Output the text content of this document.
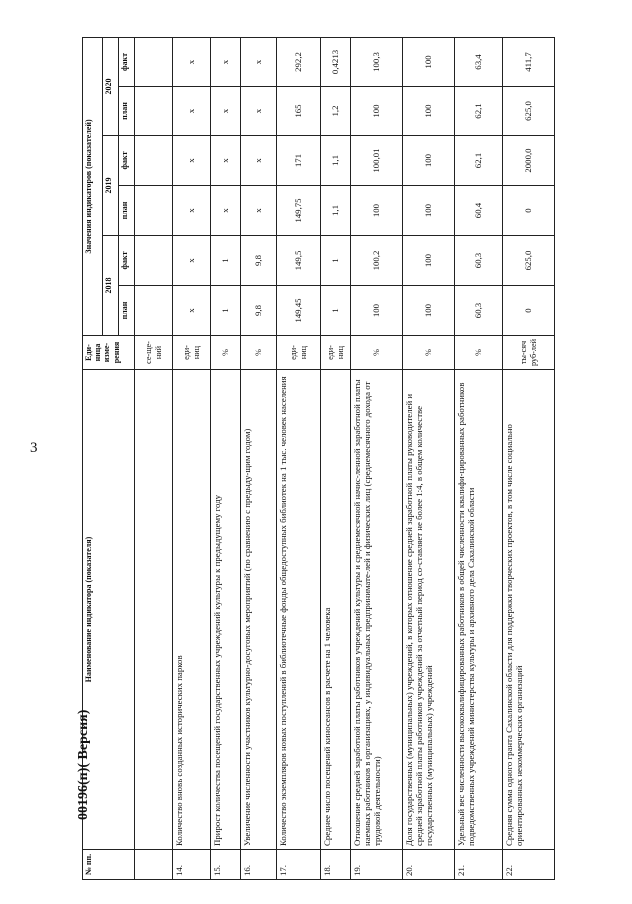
3
№ пп.	Наименование индикатора (показателя)	Еди-ница изме-рения	Значения индикаторов (показателей)					
			2018		2019		2020	
			план	факт	план	факт	план	факт
		се-ще-ний						
14.	Количество вновь созданных исторических парков	еди-ниц	x	x	x	x	x	x
15.	Прирост количества посещений государственных учреждений культуры к предыдущему году	%	1	1	x	x	x	x
16.	Увеличение численности участников культурно-досуговых мероприятий (по сравнению с предыду-щим годом)	%	9,8	9,8	x	x	x	x
17.	Количество экземпляров новых поступлений в библиотечные фонды общедоступных библиотек на 1 тыс. человек населения	еди-ниц	149,45	149,5	149,75	171	165	292,2
18.	Среднее число посещений киносеансов в расчете на 1 человека	еди-ниц	1	1	1,1	1,1	1,2	0,4213
19.	Отношение средней заработной платы работников учреждений культуры и среднемесячной начис-ленной заработной платы наемных работников в организациях, у индивидуальных предпринимате-лей и физических лиц (среднемесячного дохода от трудовой деятельности)	%	100	100,2	100	100,01	100	100,3
20.	Доля государственных (муниципальных) учреждений, в которых отношение средней заработной платы руководителей и средней заработной платы работников учреждений за отчетный период со-ставляет не более 1:4, в общем количестве государственных (муниципальных) учреждений	%	100	100	100	100	100	100
21.	Удельный вес численности высококвалифицированных работников в общей численности квалифи-цированных работников подведомственных учреждений министерства культуры и архивного дела Сахалинской области	%	60,3	60,3	60,4	62,1	62,1	63,4
22.	Средняя сумма одного гранта Сахалинской области для поддержки творческих проектов, в том числе социально ориентированных некоммерческих организаций	ты-сяч руб-лей	0	625,0	0	2000,0	625,0	411,7
00196(п)( Версия)
